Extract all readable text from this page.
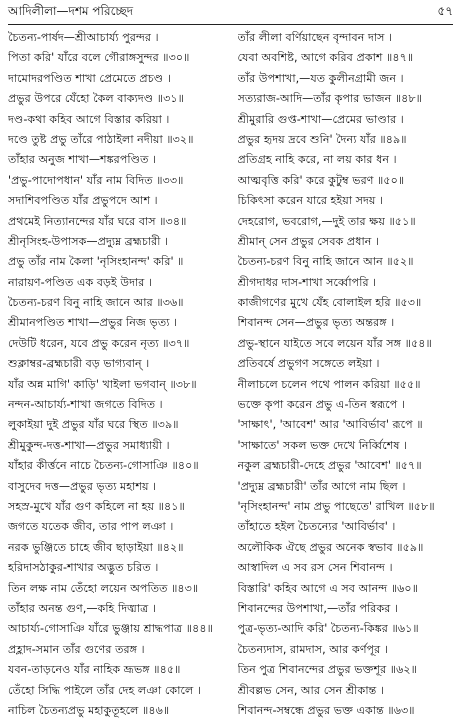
আদিলীলা—দশম পরিচ্ছেদ	৫৭
চৈতন্য-পার্ষদ—শ্রীআচার্য্য পুরন্দর ।
পিতা করি' যাঁরে বলে গৌরাঙ্গসুন্দর ॥৩০॥
দামোদরপণ্ডিত শাখা প্রেমেতে প্রচণ্ড ।
প্রভুর উপরে যেঁহো কৈল বাক্যদণ্ড ॥৩১॥
দণ্ড-কথা কহিব আগে বিস্তার করিয়া ।
দণ্ডে তুষ্ট প্রভু তাঁরে পাঠাইলা নদীয়া ॥৩২॥
তাঁহার অনুজ শাখা—শঙ্করপণ্ডিত ।
'প্রভু-পাদোপধান' যাঁর নাম বিদিত ॥৩৩॥
সদাশিবপণ্ডিত যাঁর প্রভুপদে আশ ।
প্রথমেই নিত্যানন্দের যাঁর ঘরে বাস ॥৩৪॥
শ্রীনৃসিংহ-উপাসক—প্রদ্যুম্ন ব্রহ্মচারী ।
প্রভু তাঁর নাম কৈলা 'নৃসিংহানন্দ' করি' ॥
নারায়ণ-পণ্ডিত এক বড়ই উদার ।
চৈতন্য-চরণ বিনু নাহি জানে আর ॥৩৬॥
শ্রীমানপণ্ডিত শাখা—প্রভুর নিজ ভৃত্য ।
দেউটি ধরেন, যবে প্রভু করেন নৃত্য ॥৩৭॥
শুক্লাম্বর-ব্রহ্মচারী বড় ভাগ্যবান্ ।
যাঁর অন্ন মাগি' কাড়ি' খাইলা ভগবান্ ॥৩৮॥
নন্দন-আচার্য্য-শাখা জগতে বিদিত ।
লুকাইয়া দুই প্রভুর যাঁর ঘরে স্থিত ॥৩৯॥
শ্রীমুকুন্দ-দত্ত-শাখা—প্রভুর সমাধ্যায়ী ।
যাঁহার কীর্ত্তনে নাচে চৈতন্য-গোসাঞি ॥৪০॥
বাসুদেব দত্ত—প্রভুর ভৃত্য মহাশয় ।
সহস্র-মুখে যাঁর গুণ কহিলে না হয় ॥৪১॥
জগতে যতেক জীব, তার পাপ লঞা ।
নরক ভুঞ্জিতে চাহে জীব ছাড়াইয়া ॥৪২॥
হরিদাসঠাকুর-শাখার অদ্ভুত চরিত ।
তিন লক্ষ নাম তেঁহো লয়েন অপতিত ॥৪৩॥
তাঁহার অনন্ত গুণ,—কহি দিঙ্মাত্র ।
আচার্য্য-গোসাঞি যাঁরে ভুঞ্জায় শ্রাদ্ধপাত্র ॥৪৪॥
প্রহ্লাদ-সমান তাঁর গুণের তরঙ্গ ।
যবন-তাড়নেও যাঁর নাহিক ভ্রূভঙ্গ ॥৪৫॥
তেঁহো সিদ্ধি পাইলে তাঁর দেহ লঞা কোলে ।
নাচিল চৈতন্যপ্রভু মহাকুতূহলে ॥৪৬॥
তাঁর লীলা বর্ণিয়াছেন বৃন্দাবন দাস ।
যেবা অবশিষ্ট, আগে করিব প্রকাশ ॥৪৭॥
তাঁর উপশাখা,—যত কুলীনগ্রামী জন ।
সত্যরাজ-আদি—তাঁর কৃপার ভাজন ॥৪৮॥
শ্রীমুরারি গুপ্ত-শাখা—প্রেমের ভাণ্ডার ।
প্রভুর হৃদয় দ্রবে শুনি' দৈন্য যাঁর ॥৪৯॥
প্রতিগ্রহ নাহি করে, না লয় কার ধন ।
আত্মবৃত্তি করি' করে কুটুম্ব ভরণ ॥৫০॥
চিকিৎসা করেন যারে হইয়া সদয় ।
দেহরোগ, ভবরোগ,—দুই তার ক্ষয় ॥৫১॥
শ্রীমান্ সেন প্রভুর সেবক প্রধান ।
চৈতন্য-চরণ বিনু নাহি জানে আন ॥৫২॥
শ্রীগদাধর দাস-শাখা সর্ব্বোপরি ।
কাজীগণের মুখে যেঁহ বোলাইল হরি ॥৫৩॥
শিবানন্দ সেন—প্রভুর ভৃত্য অন্তরঙ্গ ।
প্রভু-স্থানে যাইতে সবে লয়েন যাঁর সঙ্গ ॥৫৪॥
প্রতিবর্ষে প্রভুগণ সঙ্গেতে লইয়া ।
নীলাচলে চলেন পথে পালন করিয়া ॥৫৫॥
ভক্তে কৃপা করেন প্রভু এ-তিন স্বরূপে ।
'সাক্ষাৎ', 'আবেশ' আর 'আবির্ভাব' রূপে ॥
'সাক্ষাতে' সকল ভক্ত দেখে নির্ব্বিশেষ ।
নকুল ব্রহ্মচারী-দেহে প্রভুর 'আবেশ' ॥৫৭॥
'প্রদ্যুম্ন ব্রহ্মচারী' তাঁর আগে নাম ছিল ।
'নৃসিংহানন্দ' নাম প্রভু পাছেতে' রাখিল ॥৫৮॥
তাঁহাতে হইল চৈতন্যের 'আবির্ভাব' ।
অলৌকিক ঐছে প্রভুর অনেক স্বভাব ॥৫৯॥
আস্বাদিল এ সব রস সেন শিবানন্দ ।
বিস্তারি' কহিব আগে এ সব আনন্দ ॥৬০॥
শিবানন্দের উপশাখা,—তাঁর পরিকর ।
পুত্র-ভৃত্য-আদি করি' চৈতন্য-কিঙ্কর ॥৬১॥
চৈতন্যদাস, রামদাস, আর কর্ণপূর ।
তিন পুত্র শিবানন্দের প্রভুর ভক্তশূর ॥৬২॥
শ্রীবল্লভ সেন, আর সেন শ্রীকান্ত ।
শিবানন্দ-সম্বন্ধে প্রভুর ভক্ত একান্ত ॥৬৩॥
